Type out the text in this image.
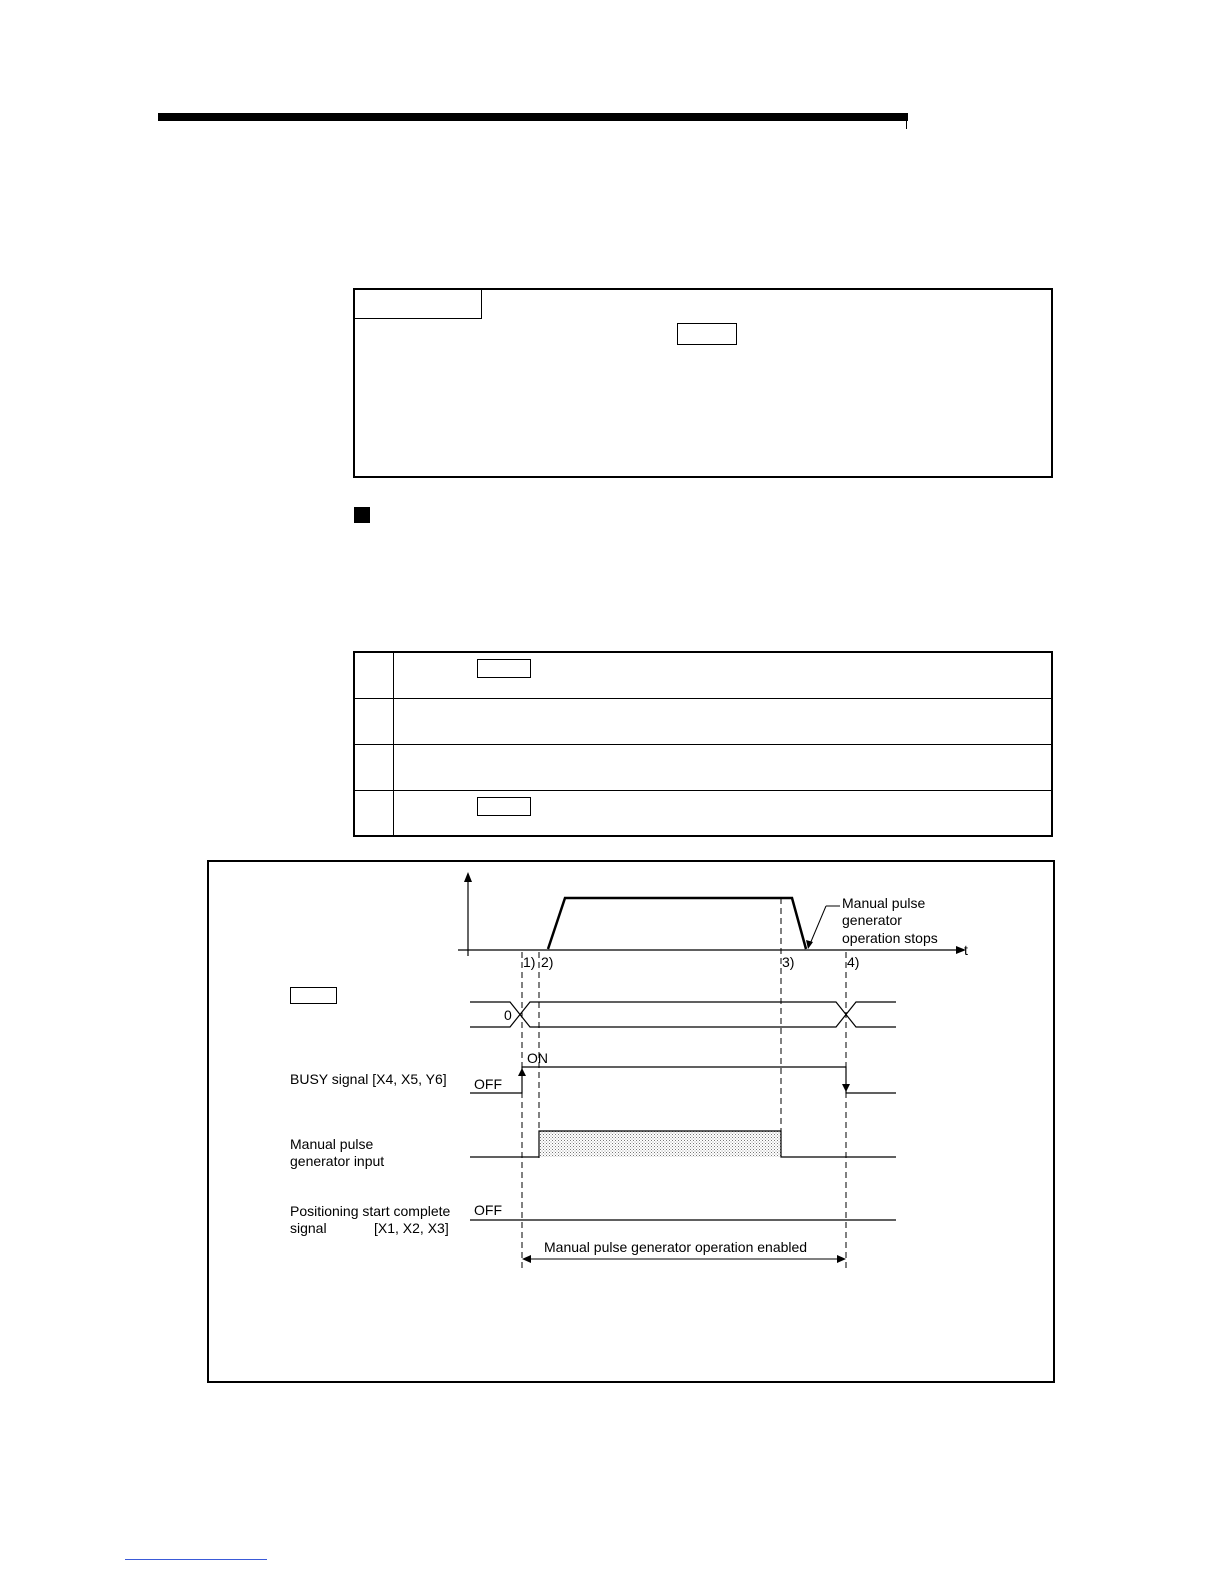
Manual pulse
generator
operation stops
t
1) 2)	3)	4)
0
BUSY signal [X4, X5, Y6] OFF
ON
Manual pulse
generator input
Positioning start complete
signal	[X1, X2, X3]
OFF
Manual pulse generator operation enabled
